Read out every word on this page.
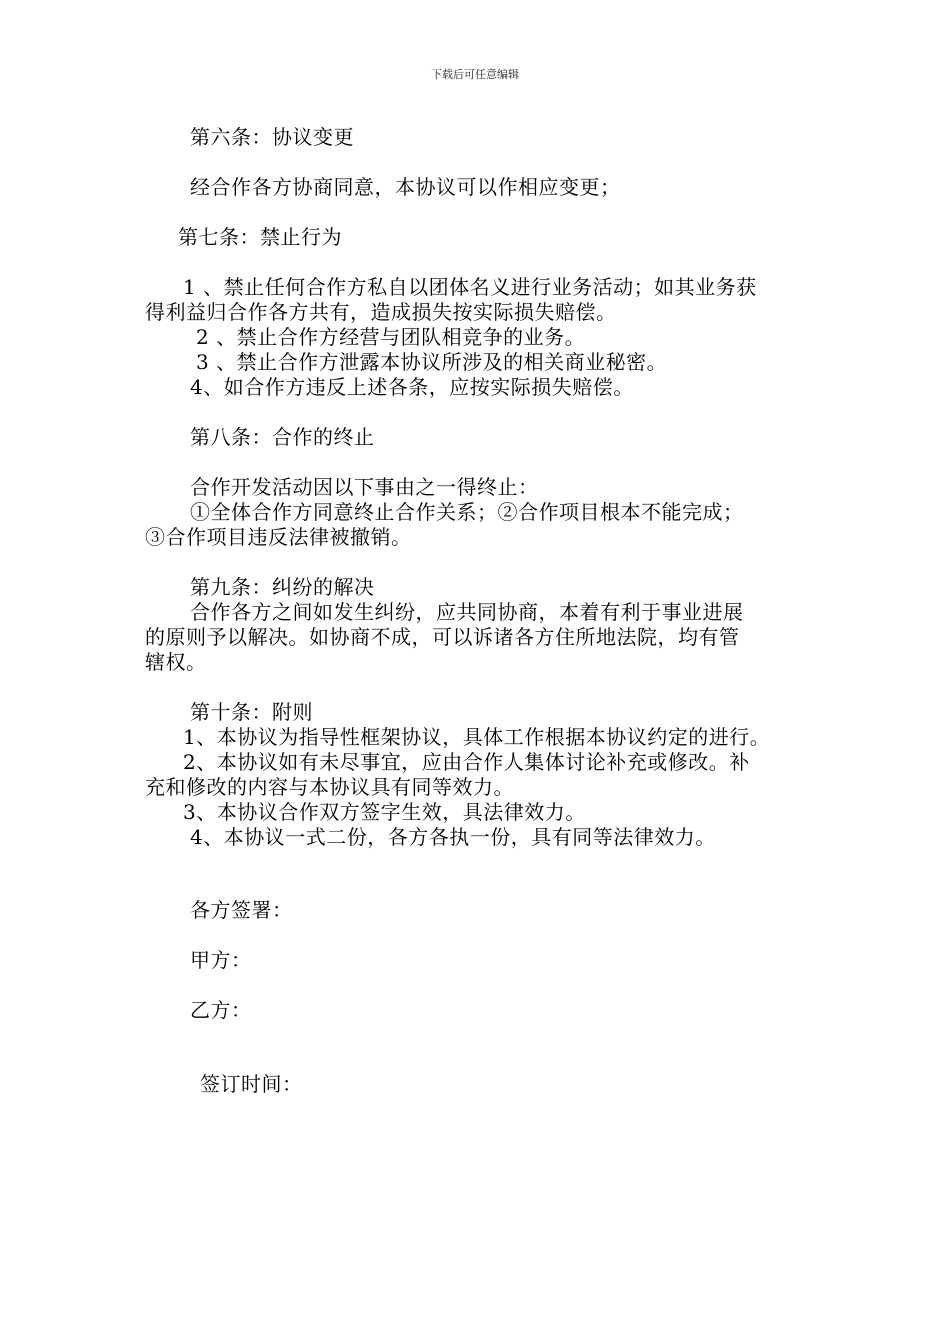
下载后可任意编辑
第六条：协议变更
经合作各方协商同意，本协议可以作相应变更；
第七条：禁止行为
1 、禁止任何合作方私自以团体名义进行业务活动；如其业务获
得利益归合作各方共有，造成损失按实际损失赔偿。
2 、禁止合作方经营与团队相竞争的业务。
3 、禁止合作方泄露本协议所涉及的相关商业秘密。
4、如合作方违反上述各条，应按实际损失赔偿。
第八条：合作的终止
合作开发活动因以下事由之一得终止：
①全体合作方同意终止合作关系；②合作项目根本不能完成；
③合作项目违反法律被撤销。
第九条：纠纷的解决
合作各方之间如发生纠纷，应共同协商，本着有利于事业进展
的原则予以解决。如协商不成，可以诉诸各方住所地法院，均有管
辖权。
第十条：附则
1、本协议为指导性框架协议，具体工作根据本协议约定的进行。
2、本协议如有未尽事宜，应由合作人集体讨论补充或修改。补
充和修改的内容与本协议具有同等效力。
3、本协议合作双方签字生效，具法律效力。
4、本协议一式二份，各方各执一份，具有同等法律效力。
各方签署：
甲方：
乙方：
签订时间：
